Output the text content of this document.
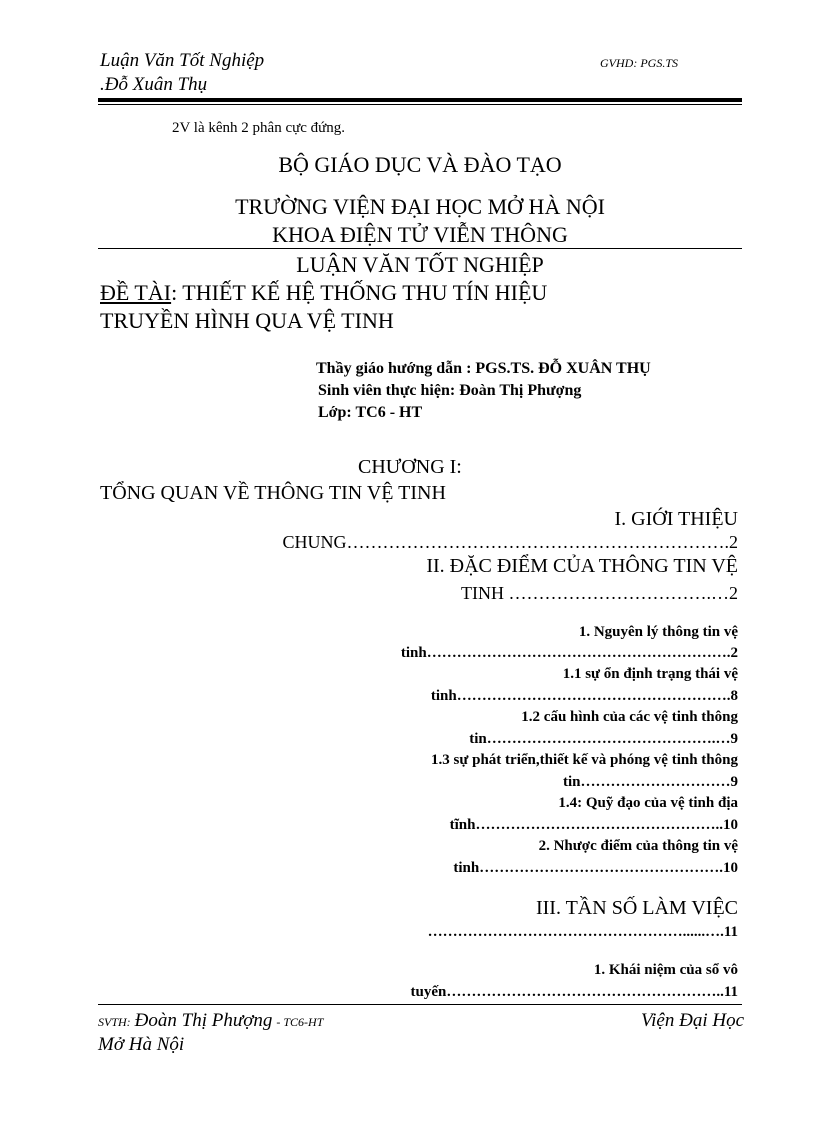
Luận Văn Tốt Nghiệp
.Đỗ Xuân Thụ
GVHD: PGS.TS
2V là kênh 2 phân cực đứng.
BỘ GIÁO DỤC VÀ ĐÀO TẠO
TRƯỜNG VIỆN ĐẠI HỌC MỞ HÀ NỘI
KHOA ĐIỆN TỬ VIỄN THÔNG
LUẬN VĂN TỐT NGHIỆP
ĐỀ TÀI: THIẾT KẾ HỆ THỐNG THU TÍN HIỆU
TRUYỀN HÌNH QUA VỆ TINH
Thầy giáo hướng dẫn : PGS.TS. ĐỖ XUÂN THỤ
Sinh viên thực hiện: Đoàn Thị Phượng
Lớp: TC6 - HT
CHƯƠNG I:
TỔNG QUAN VỀ THÔNG TIN VỆ TINH
I. GIỚI THIỆU
CHUNG……………………………………………………….2
II. ĐẶC ĐIỂM CỦA THÔNG TIN VỆ
TINH …………………………….…2
1. Nguyên lý thông tin vệ
tinh…………………………………………………….2
1.1 sự ổn định trạng thái vệ
tinh……………………………………………….8
1.2 cấu hình của các vệ tinh thông
tin……………………………………….…9
1.3 sự phát triển,thiết kế và phóng vệ tinh thông
tin…………………………9
1.4: Quỹ đạo của vệ tinh địa
tĩnh…………………………………………..10
2. Nhược điểm của thông tin vệ
tinh………………………………………….10
III. TẦN SỐ LÀM VIỆC
……………………………………………......….11
1. Khái niệm của sổ vô
tuyến………………………………………………..11
SVTH: Đoàn Thị Phượng - TC6-HT	Viện Đại Học
Mở Hà Nội
